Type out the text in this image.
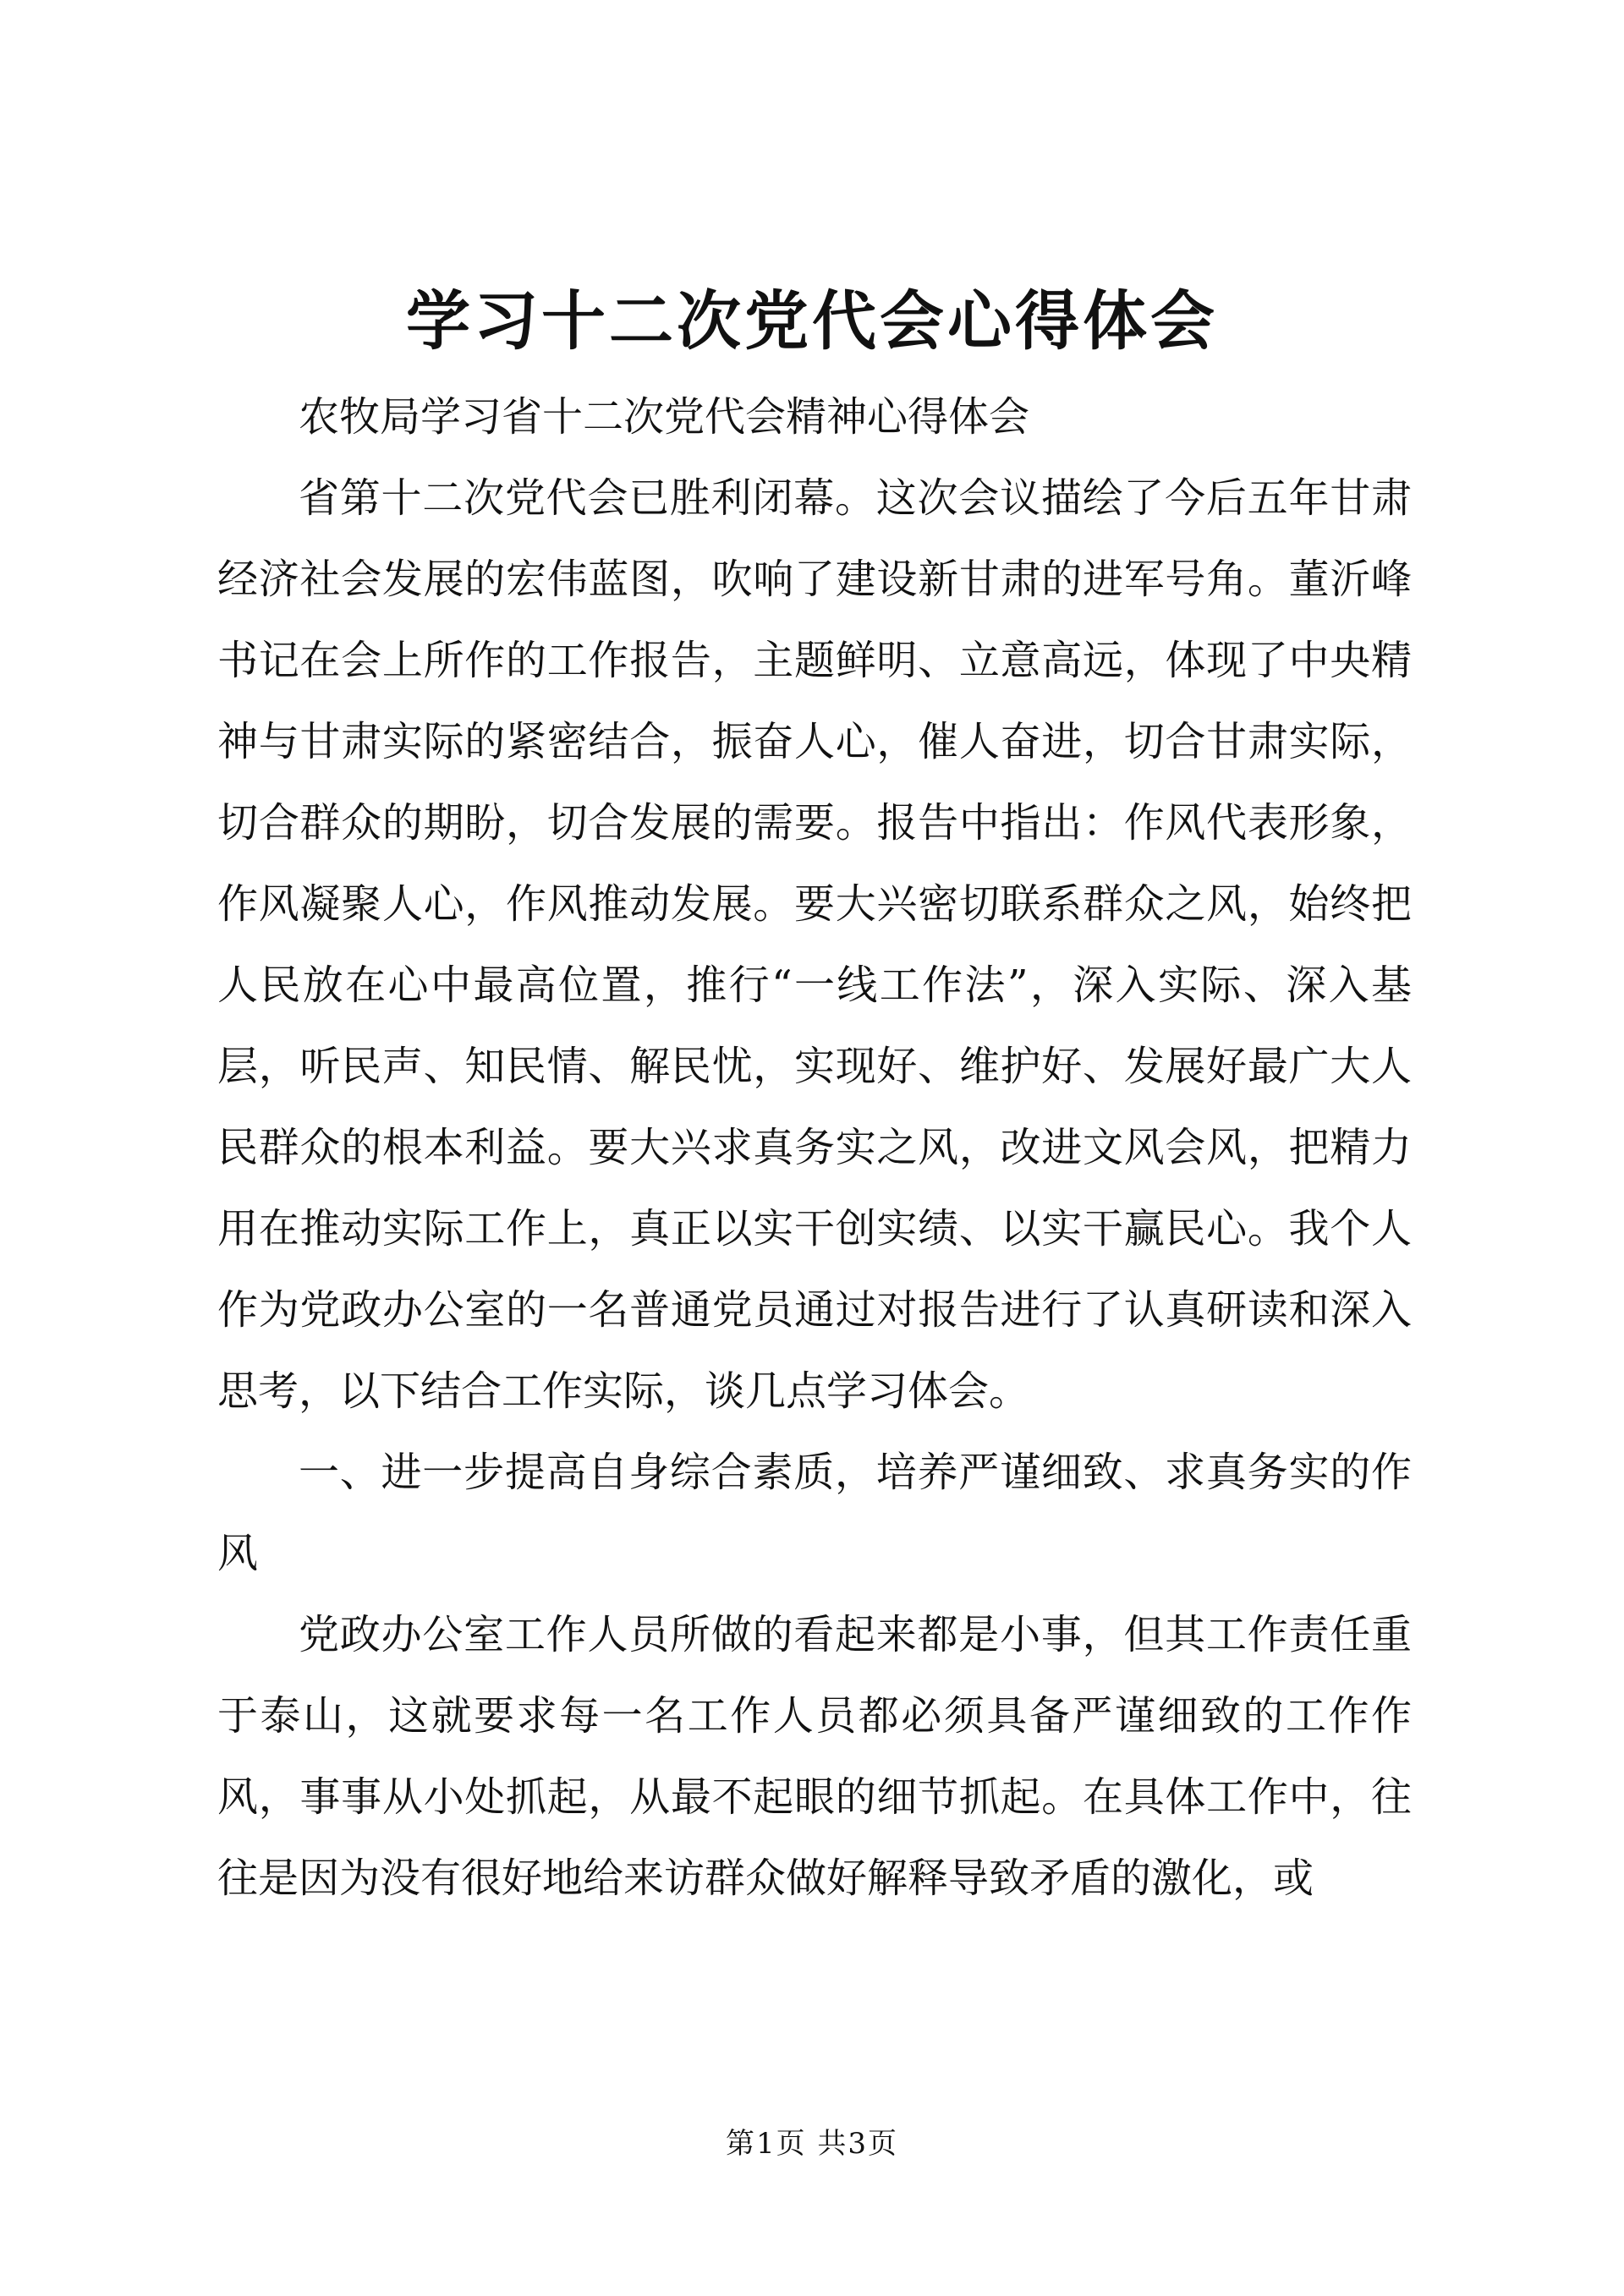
学习十二次党代会心得体会

农牧局学习省十二次党代会精神心得体会

省第十二次党代会已胜利闭幕。这次会议描绘了今后五年甘肃经济社会发展的宏伟蓝图，吹响了建设新甘肃的进军号角。董沂峰书记在会上所作的工作报告，主题鲜明、立意高远，体现了中央精神与甘肃实际的紧密结合，振奋人心，催人奋进，切合甘肃实际，切合群众的期盼，切合发展的需要。报告中指出：作风代表形象，作风凝聚人心，作风推动发展。要大兴密切联系群众之风，始终把人民放在心中最高位置，推行“一线工作法”，深入实际、深入基层，听民声、知民情、解民忧，实现好、维护好、发展好最广大人民群众的根本利益。要大兴求真务实之风，改进文风会风，把精力用在推动实际工作上，真正以实干创实绩、以实干赢民心。我个人作为党政办公室的一名普通党员通过对报告进行了认真研读和深入思考，以下结合工作实际，谈几点学习体会。

一、进一步提高自身综合素质，培养严谨细致、求真务实的作风

党政办公室工作人员所做的看起来都是小事，但其工作责任重于泰山，这就要求每一名工作人员都必须具备严谨细致的工作作风，事事从小处抓起，从最不起眼的细节抓起。在具体工作中，往往是因为没有很好地给来访群众做好解释导致矛盾的激化，或

第1页 共3页
